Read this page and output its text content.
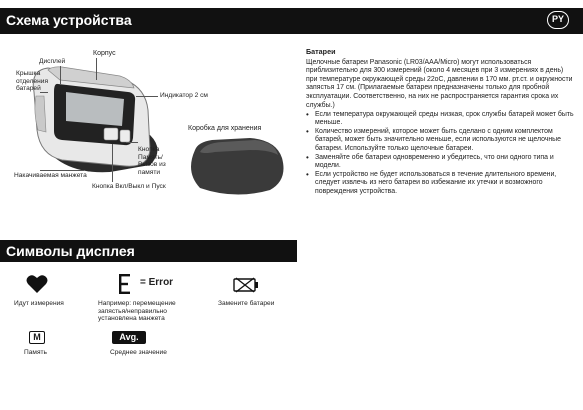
Схема устройства	PY
Дисплей
Корпус
Крышка
отделения
батарей
Индикатор 2 см
Кнопка
Память/
Вызов из
памяти
Накачиваемая манжета
Кнопка Вкл/Выкл и Пуск
Коробка для хранения
Батареи

Щелочные батареи Panasonic (LR03/AAA/Micro) могут использоваться приблизительно для 300 измерений (около 4 месяцев при 3 измерениях в день) при температуре окружающей среды 22oС, давлении в 170 мм. рт.ст. и окружности запястья 17 см. (Прилагаемые батареи предназначены только для пробной эксплуатации. Соответственно, на них не распространяется гарантия срока их службы.)

• Если температура окружающей среды низкая, срок службы батарей может быть меньше.
• Количество измерений, которое может быть сделано с одним комплектом батарей, может быть значительно меньше, если используются не щелочные батареи. Используйте только щелочные батареи.
• Заменяйте обе батареи одновременно и убедитесь, что они одного типа и модели.
• Если устройство не будет использоваться в течение длительного времени, следует извлечь из него батареи во избежание их утечки и возможного повреждения устройства.
Символы дисплея
Идут измерения
= Error
Например: перемещение
запястья/неправильно
установлена манжета
Замените батареи
M
Память
Avg.
Среднее значение
